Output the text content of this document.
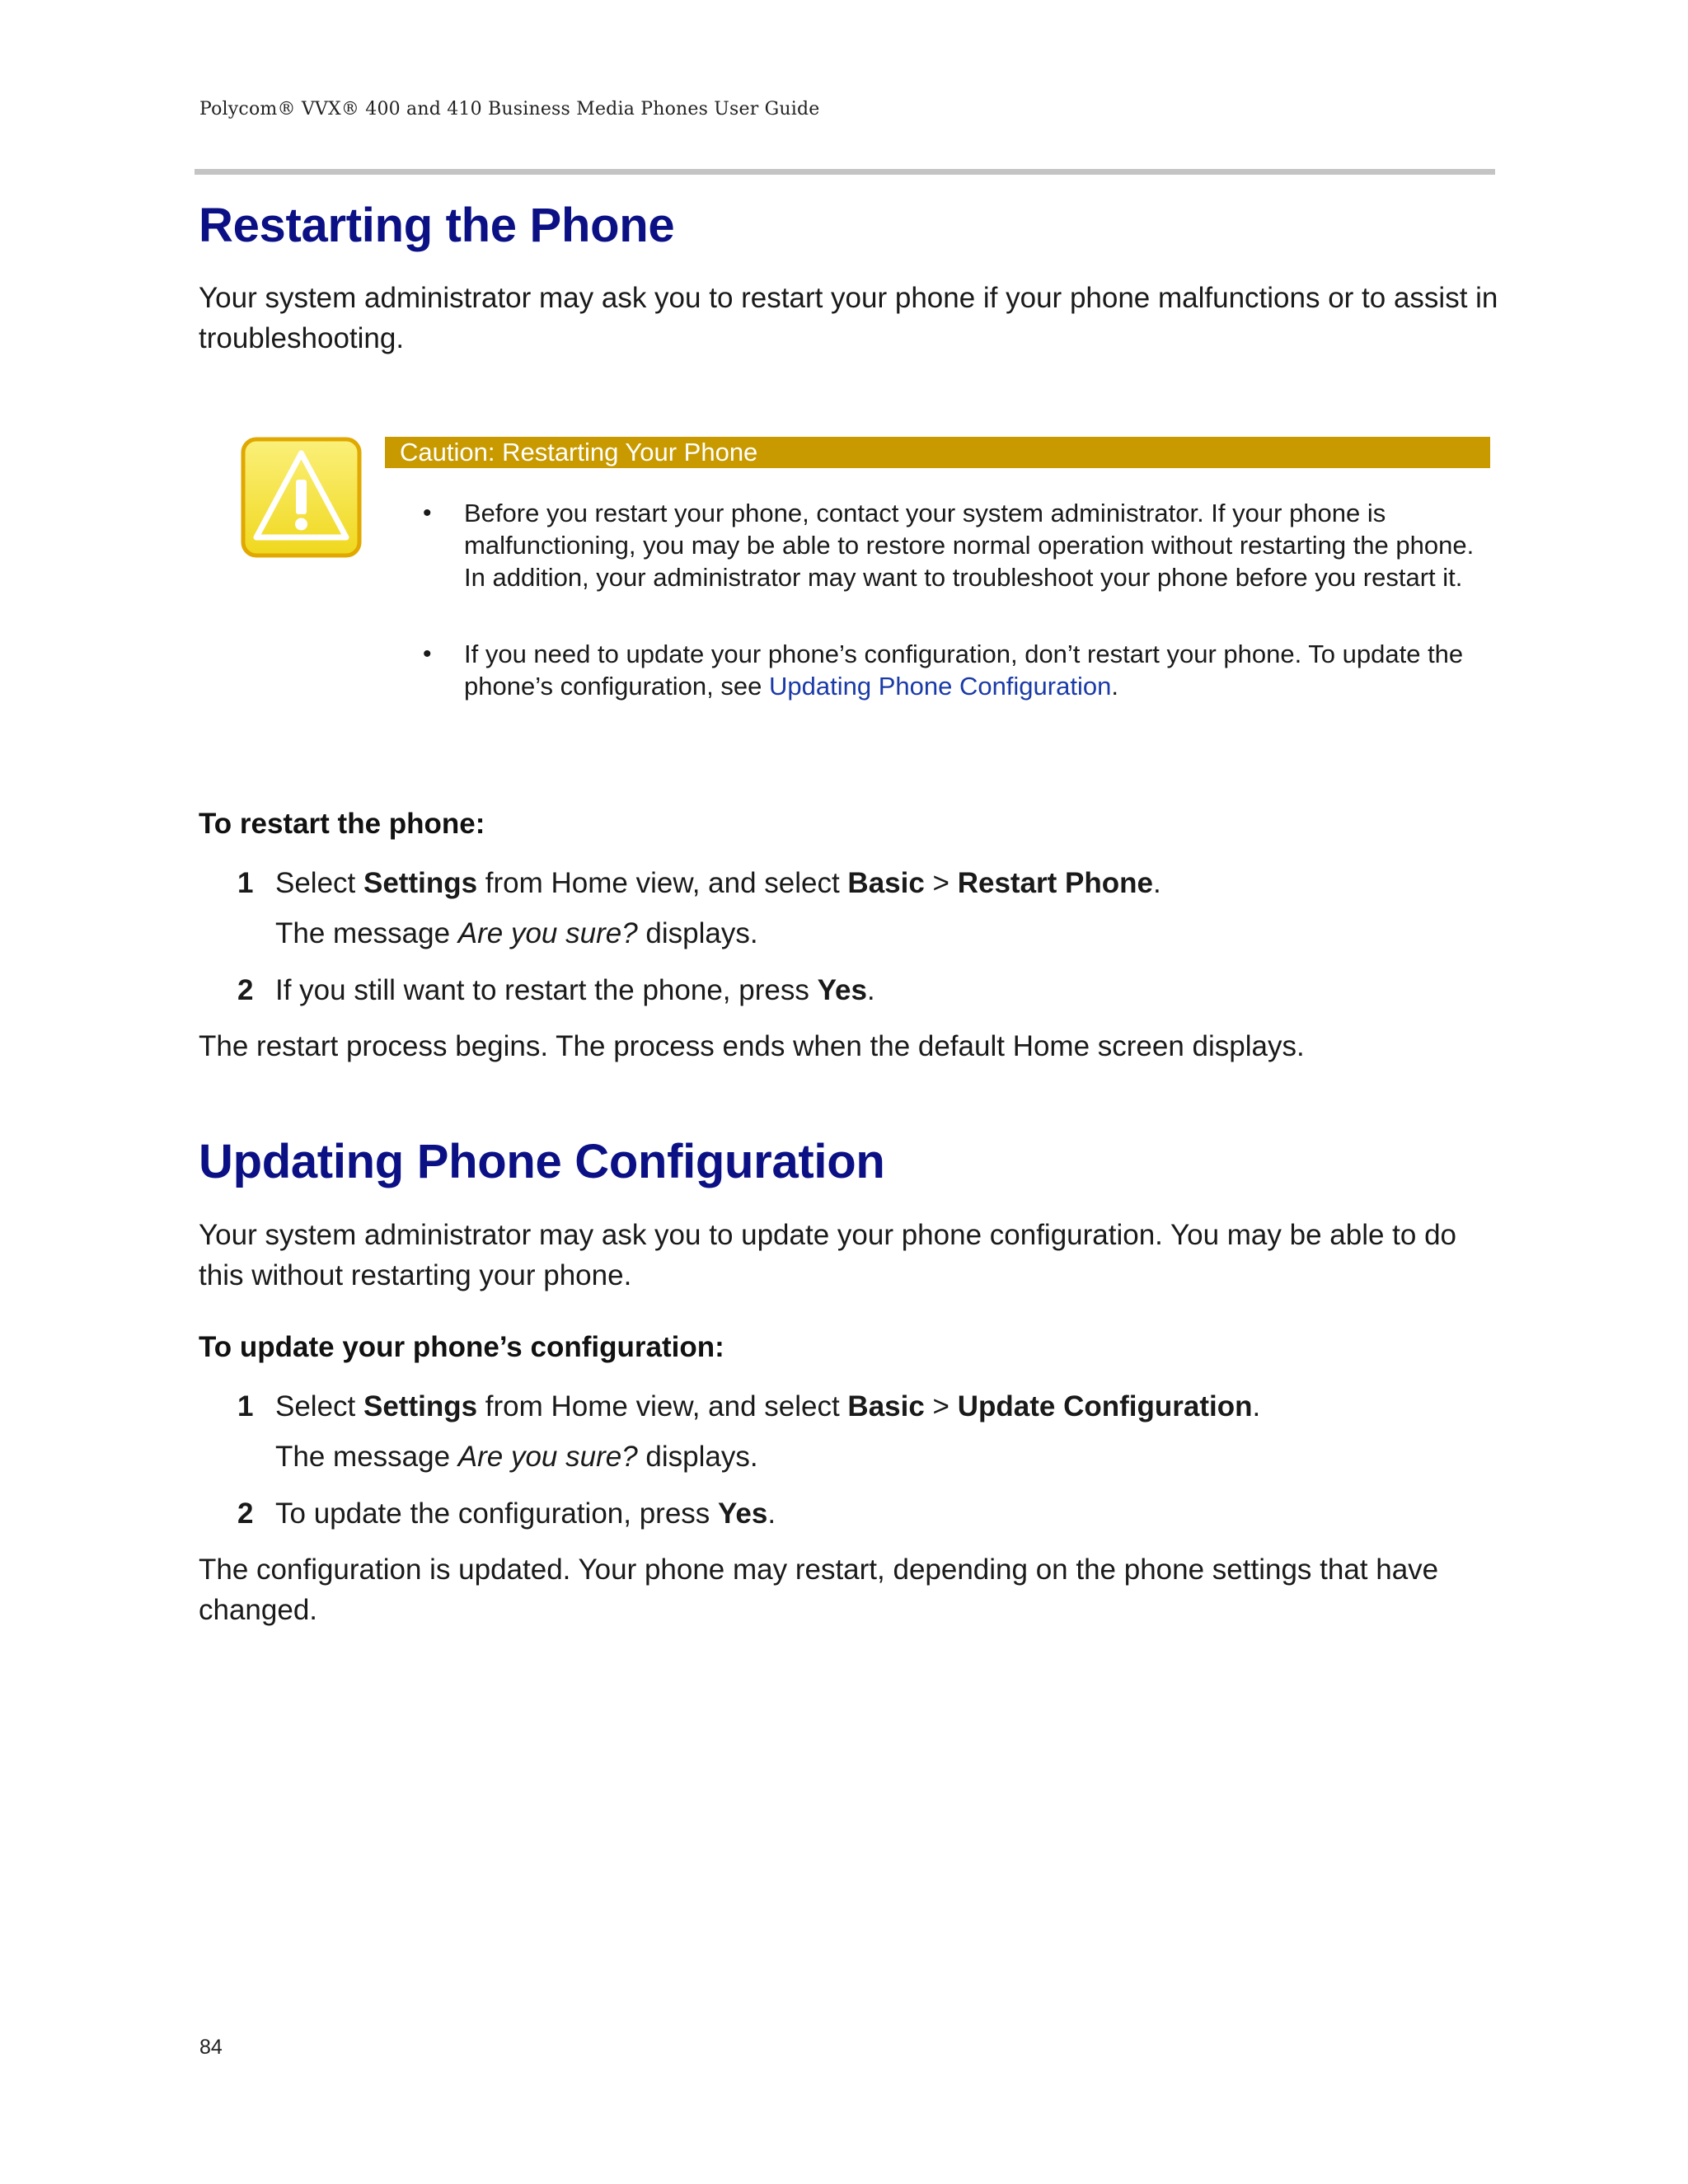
Polycom® VVX® 400 and 410 Business Media Phones User Guide
Restarting the Phone
Your system administrator may ask you to restart your phone if your phone malfunctions or to assist in troubleshooting.
Caution: Restarting Your Phone
• Before you restart your phone, contact your system administrator. If your phone is malfunctioning, you may be able to restore normal operation without restarting the phone. In addition, your administrator may want to troubleshoot your phone before you restart it.
• If you need to update your phone’s configuration, don’t restart your phone. To update the phone’s configuration, see Updating Phone Configuration.
To restart the phone:
1 Select Settings from Home view, and select Basic > Restart Phone.
The message Are you sure? displays.
2 If you still want to restart the phone, press Yes.
The restart process begins. The process ends when the default Home screen displays.
Updating Phone Configuration
Your system administrator may ask you to update your phone configuration. You may be able to do this without restarting your phone.
To update your phone’s configuration:
1 Select Settings from Home view, and select Basic > Update Configuration.
The message Are you sure? displays.
2 To update the configuration, press Yes.
The configuration is updated. Your phone may restart, depending on the phone settings that have changed.
84
